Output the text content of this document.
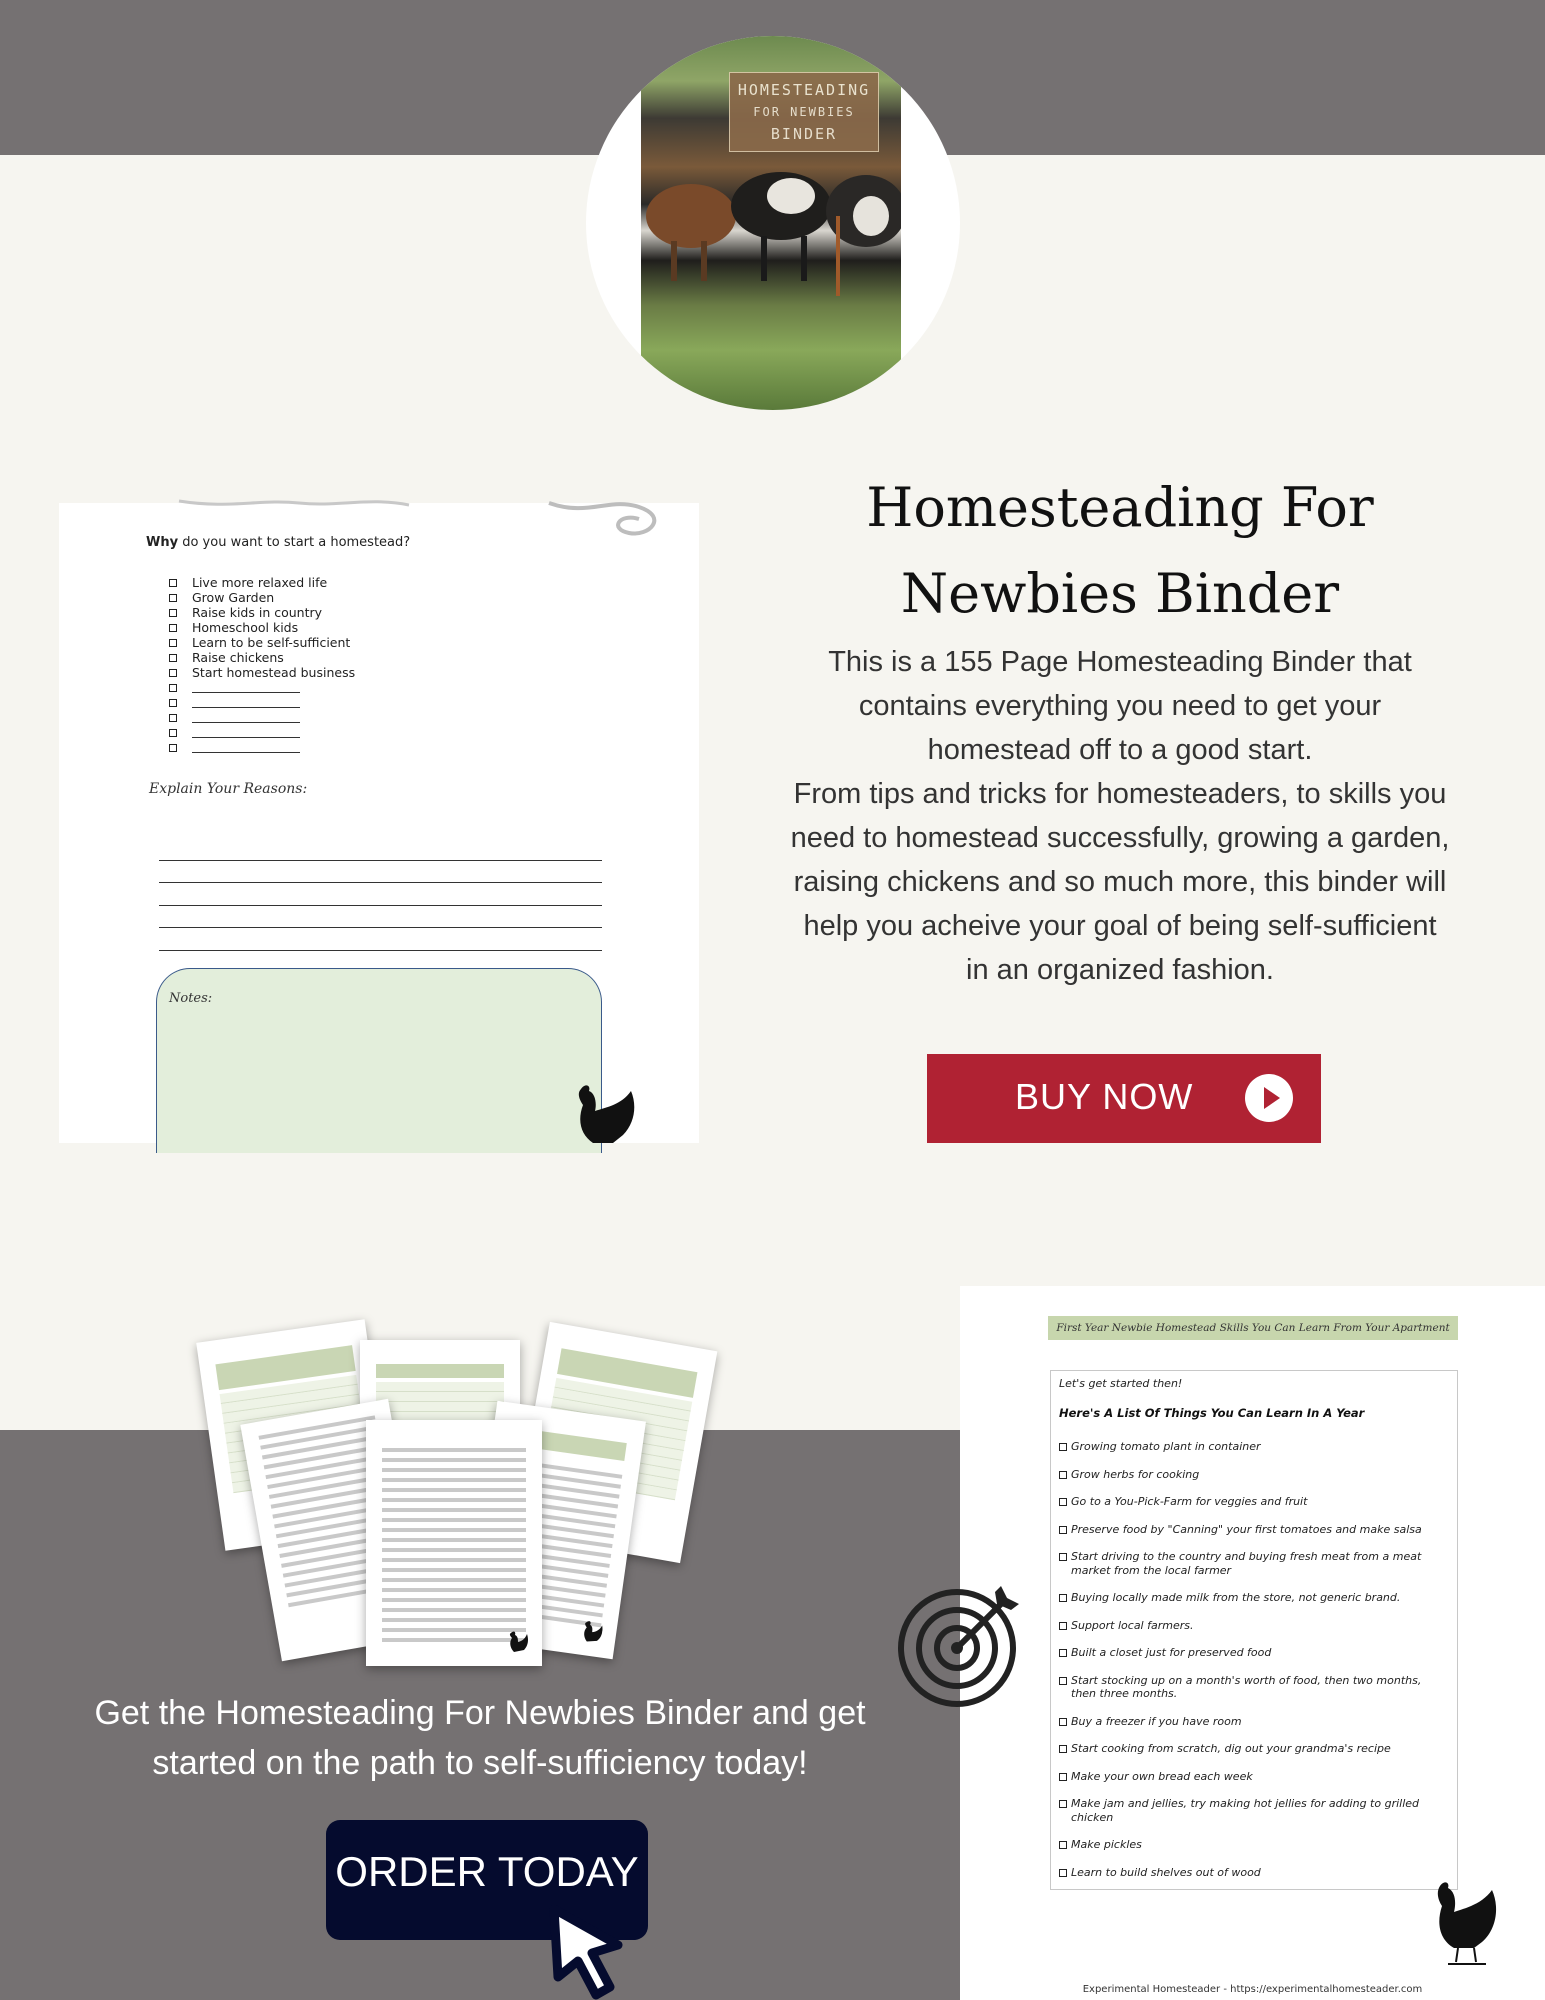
HOMESTEADING
FOR NEWBIES
BINDER
Why do you want to start a homestead?
Live more relaxed life
Grow Garden
Raise kids in country
Homeschool kids
Learn to be self-sufficient
Raise chickens
Start homestead business
Explain Your Reasons:
Notes:
Homesteading For
Newbies Binder
This is a 155 Page Homesteading Binder that contains everything you need to get your homestead off to a good start.
From tips and tricks for homesteaders, to skills you need to homestead successfully, growing a garden, raising chickens and so much more, this binder will help you acheive your goal of being self-sufficient in an organized fashion.
BUY NOW
Get the Homesteading For Newbies Binder and get started on the path to self-sufficiency today!
ORDER TODAY
First Year Newbie Homestead Skills You Can Learn From Your Apartment
Let's get started then!
Here's A List Of Things You Can Learn In A Year
Growing tomato plant in container
Grow herbs for cooking
Go to a You-Pick-Farm for veggies and fruit
Preserve food by "Canning" your first tomatoes and make salsa
Start driving to the country and buying fresh meat from a meat market from the local farmer
Buying locally made milk from the store, not generic brand.
Support local farmers.
Built a closet just for preserved food
Start stocking up on a month's worth of food, then two months, then three months.
Buy a freezer if you have room
Start cooking from scratch, dig out your grandma's recipe
Make your own bread each week
Make jam and jellies, try making hot jellies for adding to grilled chicken
Make pickles
Learn to build shelves out of wood
Experimental Homesteader - https://experimentalhomesteader.com
